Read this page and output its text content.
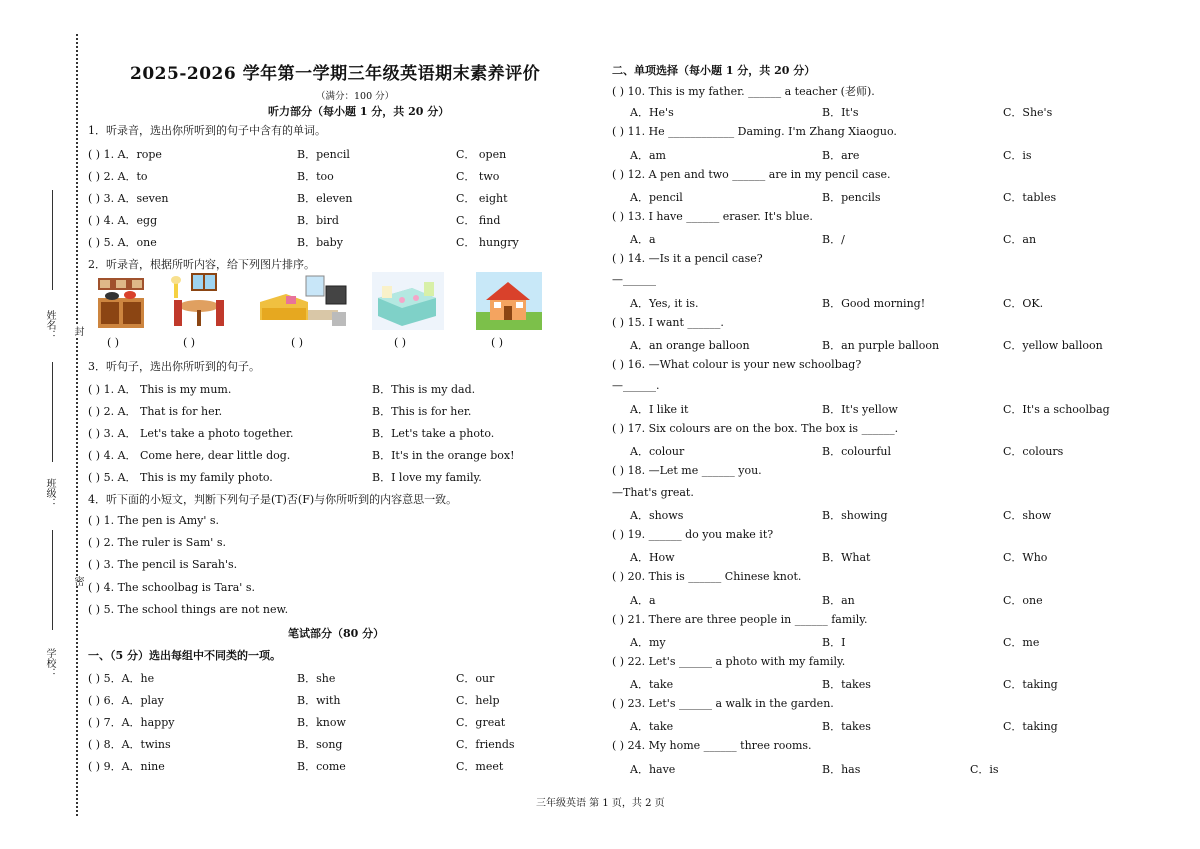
姓名：
班级：
学校：
封
密
2025-2026 学年第一学期三年级英语期末素养评价
（满分：100 分）
听力部分（每小题 1 分，共 20 分）
1．听录音，选出你所听到的句子中含有的单词。
( ) 1. A．rope	B．pencil	C． open
( ) 2. A．to	B．too	C． two
( ) 3. A．seven	B．eleven	C． eight
( ) 4. A．egg	B．bird	C． find
( ) 5. A．one	B．baby	C． hungry
2．听录音，根据所听内容，给下列图片排序。
( )	( )	( )	( )	( )
3．听句子，选出你所听到的句子。
( ) 1. A． This is my mum.	B．This is my dad.
( ) 2. A． That is for her.	B．This is for her.
( ) 3. A． Let's take a photo together.	B．Let's take a photo.
( ) 4. A． Come here, dear little dog.	B．It's in the orange box!
( ) 5. A． This is my family photo.	B．I love my family.
4．听下面的小短文，判断下列句子是(T)否(F)与你所听到的内容意思一致。
( ) 1. The pen is Amy' s.
( ) 2. The ruler is Sam' s.
( ) 3. The pencil is Sarah's.
( ) 4. The schoolbag is Tara' s.
( ) 5. The school things are not new.
笔试部分（80 分）
一、（5 分）选出每组中不同类的一项。
( ) 5．A．he	B．she	C．our
( ) 6．A．play	B．with	C．help
( ) 7．A．happy	B．know	C．great
( ) 8．A．twins	B．song	C．friends
( ) 9．A．nine	B．come	C．meet
二、单项选择（每小题 1 分，共 20 分）
( ) 10. This is my father. ______ a teacher (老师).
A．He's	B．It's	C．She's
( ) 11. He ____________ Daming. I'm Zhang Xiaoguo.
A．am	B．are	C．is
( ) 12. A pen and two ______ are in my pencil case.
A．pencil	B．pencils	C．tables
( ) 13. I have ______ eraser. It's blue.
A．a	B．/	C．an
( ) 14. —Is it a pencil case?
—______
A．Yes, it is.	B．Good morning!	C．OK.
( ) 15. I want ______.
A．an orange balloon	B．an purple balloon	C．yellow balloon
( ) 16. —What colour is your new schoolbag?
—______.
A．I like it	B．It's yellow	C．It's a schoolbag
( ) 17. Six colours are on the box. The box is ______.
A．colour	B．colourful	C．colours
( ) 18. —Let me ______ you.
—That's great.
A．shows	B．showing	C．show
( ) 19. ______ do you make it?
A．How	B．What	C．Who
( ) 20. This is ______ Chinese knot.
A．a	B．an	C．one
( ) 21. There are three people in ______ family.
A．my	B．I	C．me
( ) 22. Let's ______ a photo with my family.
A．take	B．takes	C．taking
( ) 23. Let's ______ a walk in the garden.
A．take	B．takes	C．taking
( ) 24. My home ______ three rooms.
A．have	B．has	C．is
三年级英语 第 1 页，共 2 页
